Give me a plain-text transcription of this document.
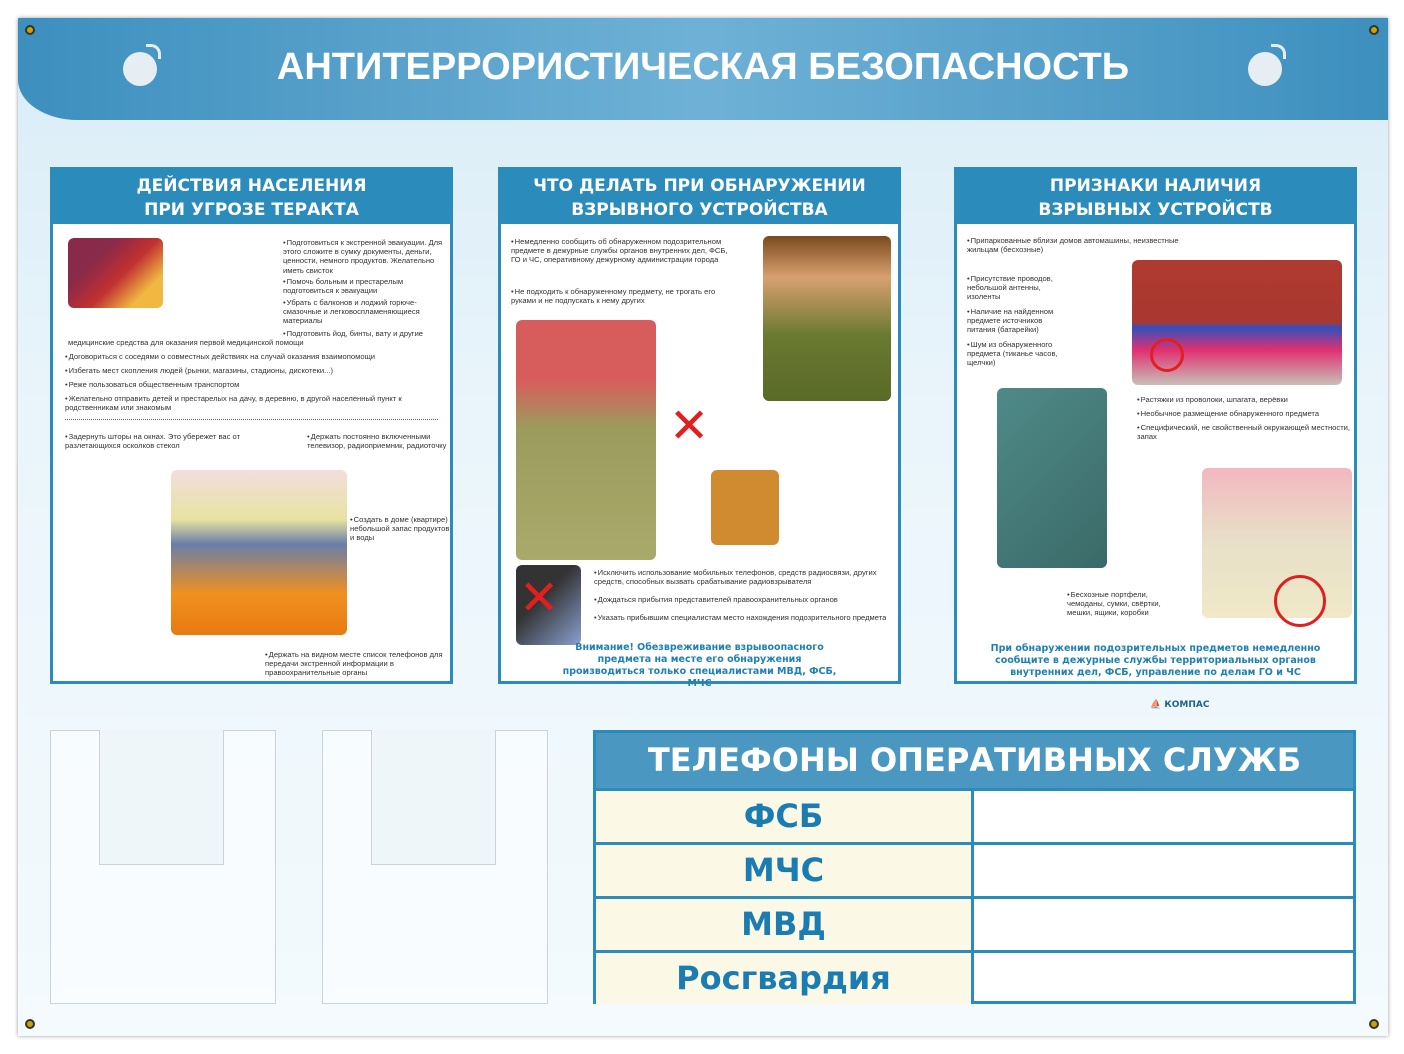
АНТИТЕРРОРИСТИЧЕСКАЯ БЕЗОПАСНОСТЬ
ДЕЙСТВИЯ НАСЕЛЕНИЯ
ПРИ УГРОЗЕ ТЕРАКТА
• Подготовиться к экстренной эвакуации. Для этого сложите в сумку документы, деньги, ценности, немного продуктов. Желательно иметь свисток
• Помочь больным и престарелым подготовиться к эвакуации
• Убрать с балконов и лоджий горюче-смазочные и легковоспламеняющиеся материалы
• Подготовить йод, бинты, вату и другие медицинские средства для оказания первой медицинской помощи
• Договориться с соседями о совместных действиях на случай оказания взаимопомощи
• Избегать мест скопления людей (рынки, магазины, стадионы, дискотеки...)
• Реже пользоваться общественным транспортом
• Желательно отправить детей и престарелых на дачу, в деревню, в другой населенный пункт к родственникам или знакомым
• Задернуть шторы на окнах. Это убережет вас от разлетающихся осколков стекол
• Держать постоянно включенными телевизор, радиоприемник, радиоточку
• Создать в доме (квартире) небольшой запас продуктов и воды
• Держать на видном месте список телефонов для передачи экстренной информации в правоохранительные органы
ЧТО ДЕЛАТЬ ПРИ ОБНАРУЖЕНИИ
ВЗРЫВНОГО УСТРОЙСТВА
• Немедленно сообщить об обнаруженном подозрительном предмете в дежурные службы органов внутренних дел, ФСБ, ГО и ЧС, оперативному дежурному администрации города
• Не подходить к обнаруженному предмету, не трогать его руками и не подпускать к нему других
✕
✕	• Исключить использование мобильных телефонов, средств радиосвязи, других средств, способных вызвать срабатывание радиовзрывателя
• Дождаться прибытия представителей правоохранительных органов
• Указать прибывшим специалистам место нахождения подозрительного предмета
Внимание! Обезвреживание взрывоопасного предмета на месте его обнаружения производиться только специалистами МВД, ФСБ, МЧС
ПРИЗНАКИ НАЛИЧИЯ
ВЗРЫВНЫХ УСТРОЙСТВ
• Припаркованные вблизи домов автомашины, неизвестные жильцам (бесхозные)
• Присутствие проводов, небольшой антенны, изоленты
• Наличие на найденном предмете источников питания (батарейки)
• Шум из обнаруженного предмета (тиканье часов, щелчки)
• Растяжки из проволоки, шпагата, верёвки
• Необычное размещение обнаруженного предмета
• Специфический, не свойственный окружающей местности, запах
• Бесхозные портфели, чемоданы, сумки, свёртки, мешки, ящики, коробки
При обнаружении подозрительных предметов немедленно сообщите в дежурные службы территориальных органов внутренних дел, ФСБ, управление по делам ГО и ЧС
⛵ КОМПАС
ТЕЛЕФОНЫ ОПЕРАТИВНЫХ СЛУЖБ
ФСБ
МЧС
МВД
Росгвардия
